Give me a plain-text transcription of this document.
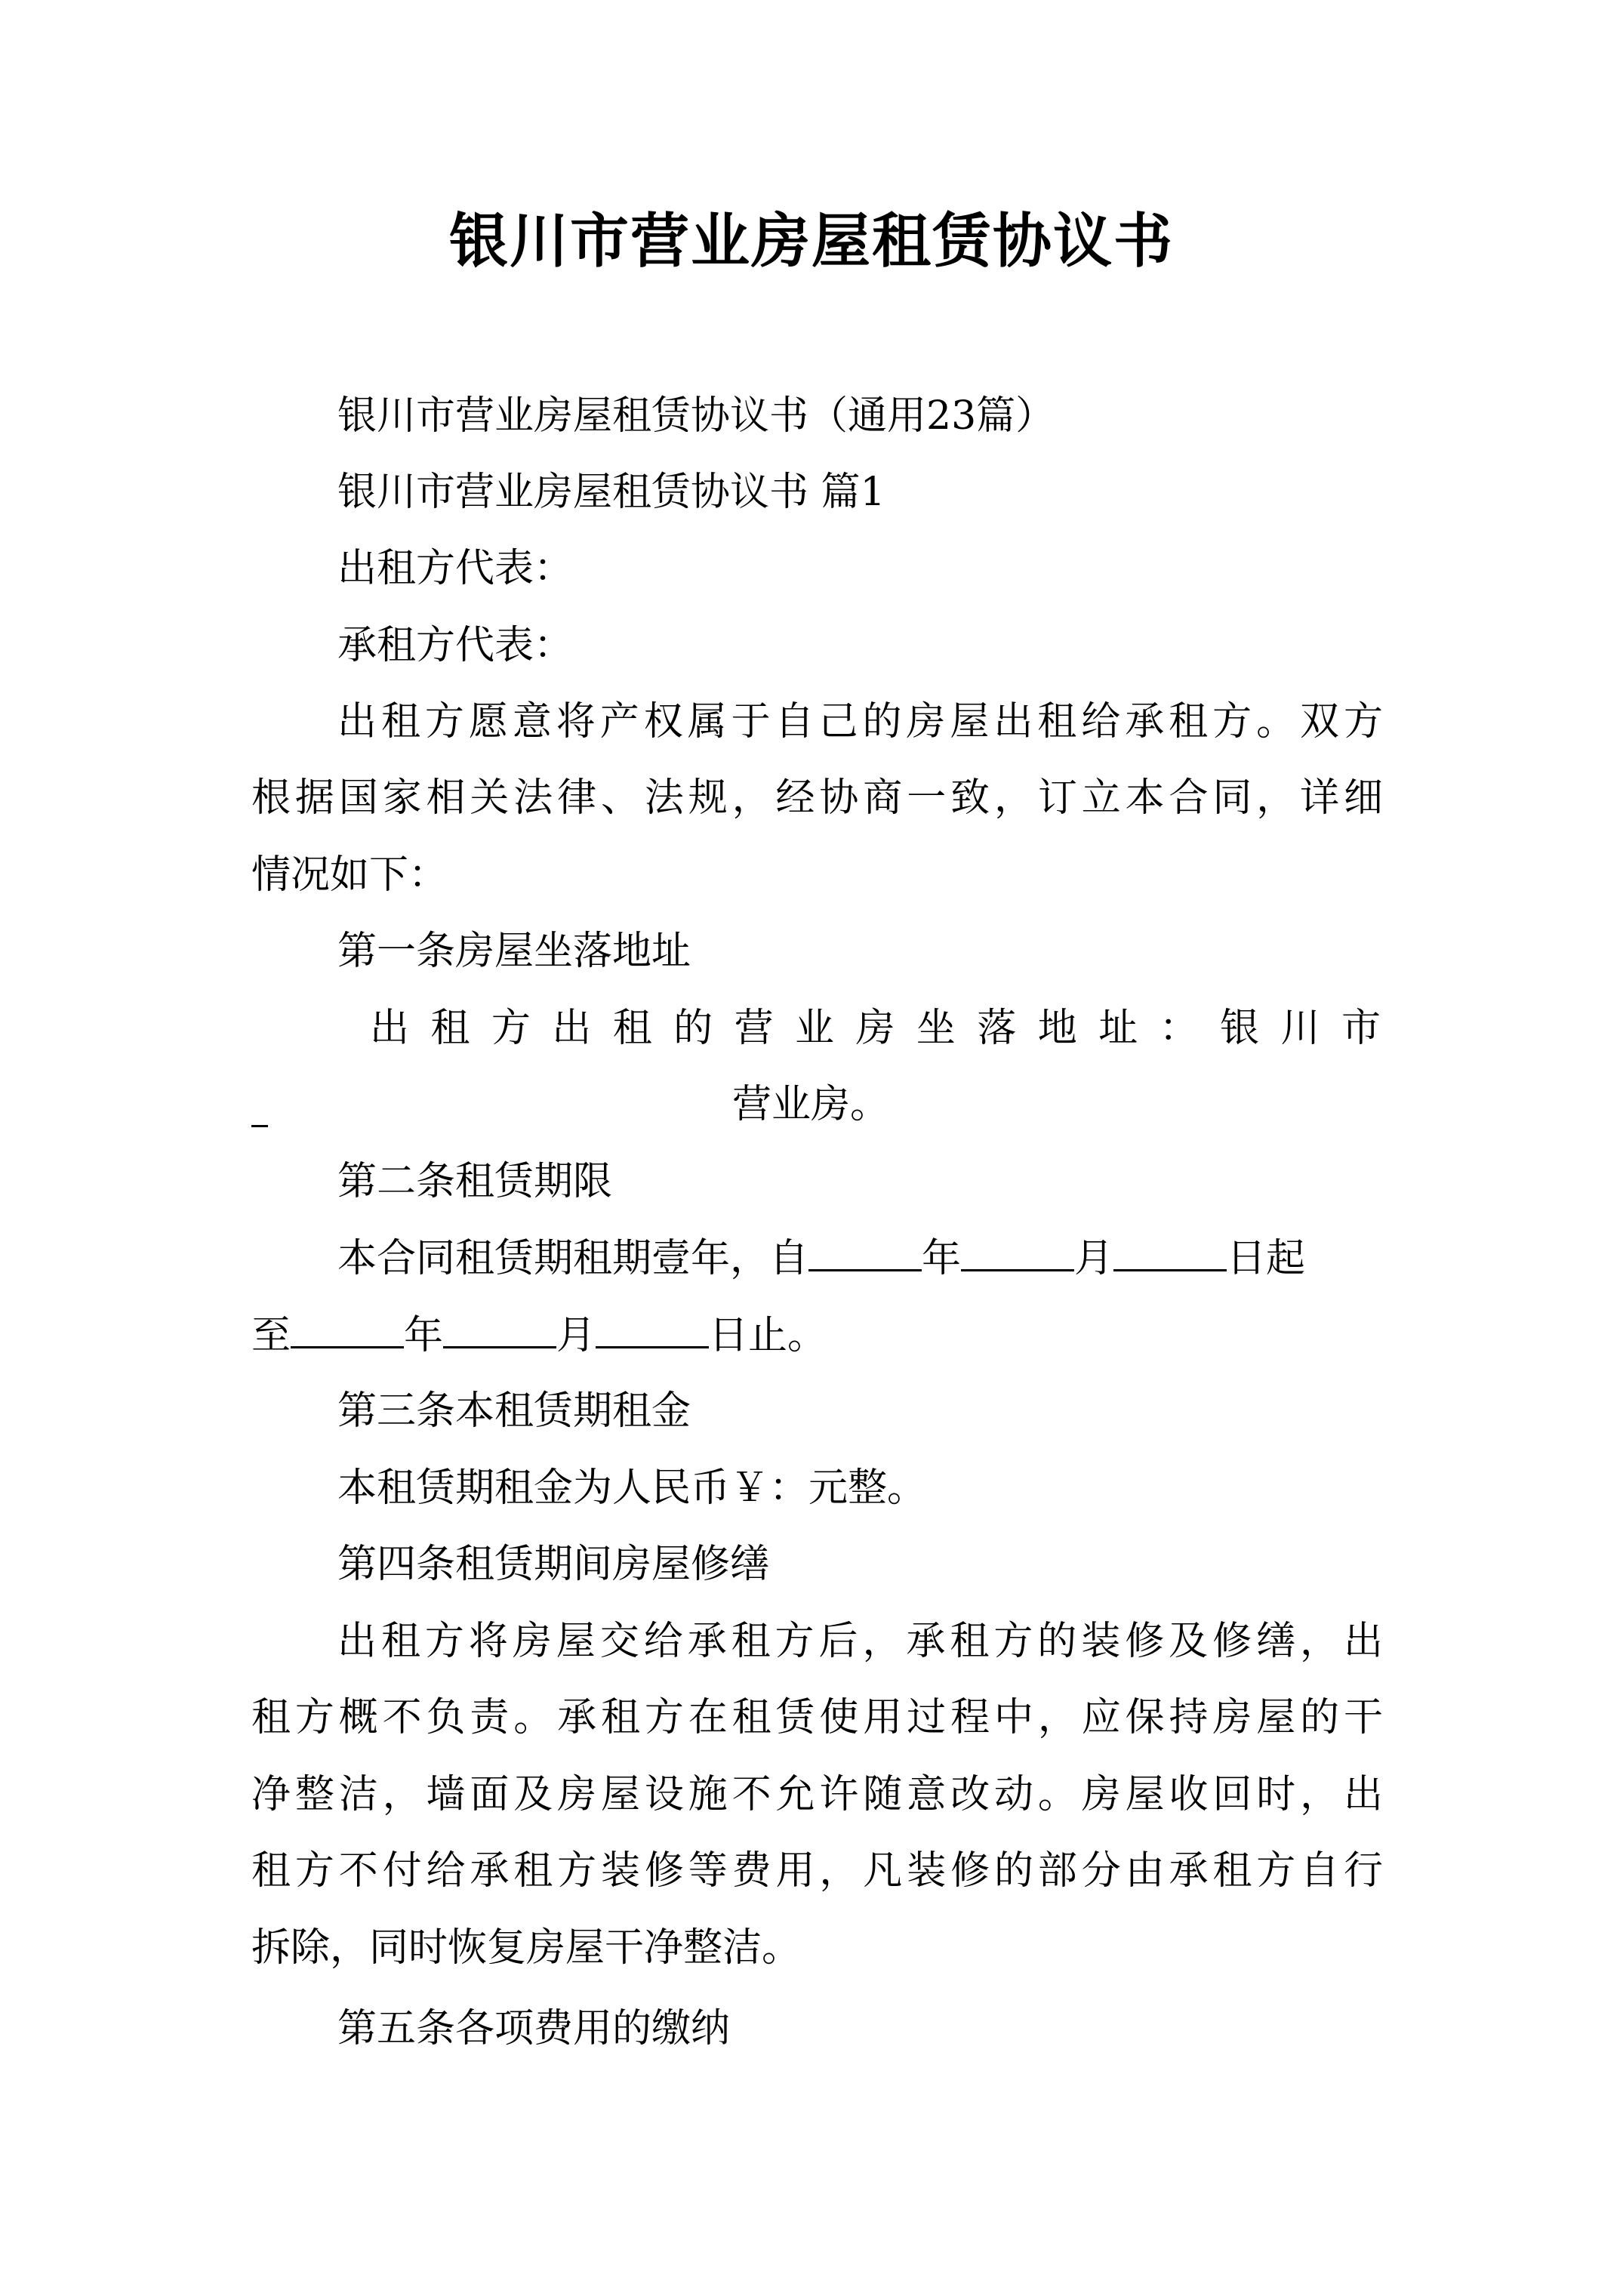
银川市营业房屋租赁协议书
银川市营业房屋租赁协议书（通用23篇）
银川市营业房屋租赁协议书 篇1
出租方代表：
承租方代表：
出租方愿意将产权属于自己的房屋出租给承租方。双方
根据国家相关法律、法规，经协商一致，订立本合同，详细
情况如下：
第一条房屋坐落地址
出租方出租的营业房坐落地址：银川市
营业房。
第二条租赁期限
本合同租赁期租期壹年，自	年	月	日起
至	年	月	日止。
第三条本租赁期租金
本租赁期租金为人民币￥：元整。
第四条租赁期间房屋修缮
出租方将房屋交给承租方后，承租方的装修及修缮，出
租方概不负责。承租方在租赁使用过程中，应保持房屋的干
净整洁，墙面及房屋设施不允许随意改动。房屋收回时，出
租方不付给承租方装修等费用，凡装修的部分由承租方自行
拆除，同时恢复房屋干净整洁。
第五条各项费用的缴纳
